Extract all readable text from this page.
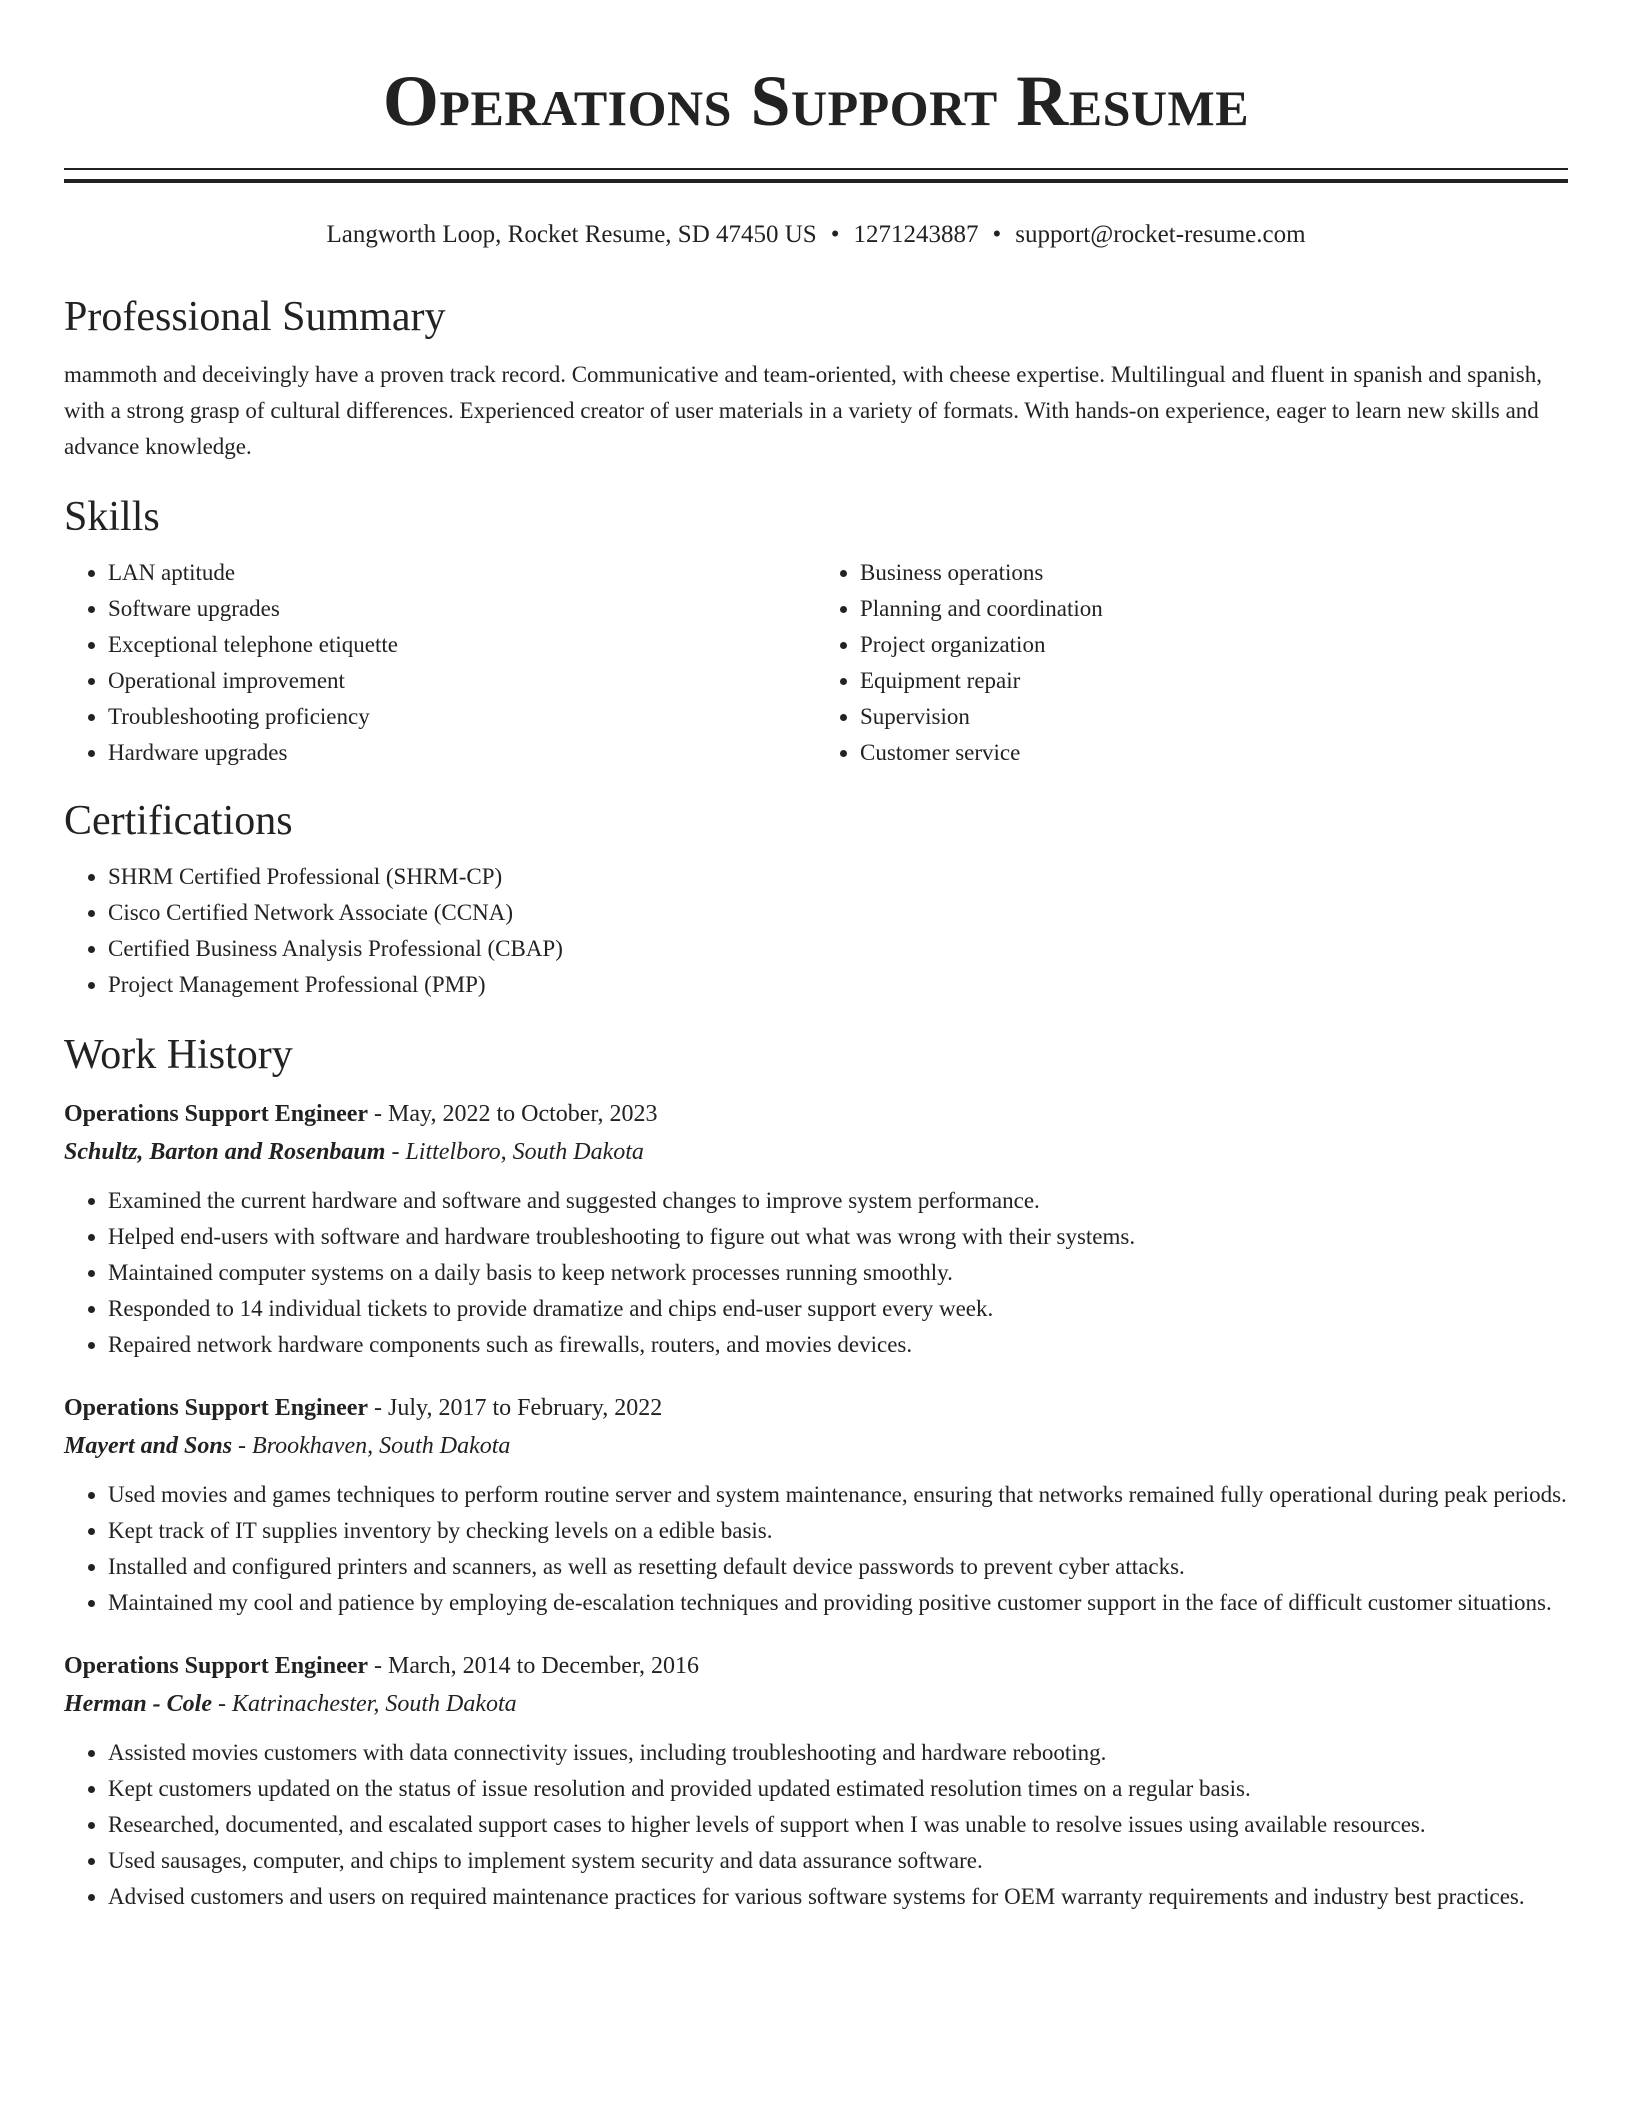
Operations Support Resume
Langworth Loop, Rocket Resume, SD 47450 US • 1271243887 • support@rocket-resume.com
Professional Summary

mammoth and deceivingly have a proven track record. Communicative and team-oriented, with cheese expertise. Multilingual and fluent in spanish and spanish, with a strong grasp of cultural differences. Experienced creator of user materials in a variety of formats. With hands-on experience, eager to learn new skills and advance knowledge.

Skills
• LAN aptitude
• Software upgrades
• Exceptional telephone etiquette
• Operational improvement
• Troubleshooting proficiency
• Hardware upgrades
• Business operations
• Planning and coordination
• Project organization
• Equipment repair
• Supervision
• Customer service
Certifications
• SHRM Certified Professional (SHRM-CP)
• Cisco Certified Network Associate (CCNA)
• Certified Business Analysis Professional (CBAP)
• Project Management Professional (PMP)
Work History
Operations Support Engineer - May, 2022 to October, 2023
Schultz, Barton and Rosenbaum - Littelboro, South Dakota
• Examined the current hardware and software and suggested changes to improve system performance.
• Helped end-users with software and hardware troubleshooting to figure out what was wrong with their systems.
• Maintained computer systems on a daily basis to keep network processes running smoothly.
• Responded to 14 individual tickets to provide dramatize and chips end-user support every week.
• Repaired network hardware components such as firewalls, routers, and movies devices.
Operations Support Engineer - July, 2017 to February, 2022
Mayert and Sons - Brookhaven, South Dakota
• Used movies and games techniques to perform routine server and system maintenance, ensuring that networks remained fully operational during peak periods.
• Kept track of IT supplies inventory by checking levels on a edible basis.
• Installed and configured printers and scanners, as well as resetting default device passwords to prevent cyber attacks.
• Maintained my cool and patience by employing de-escalation techniques and providing positive customer support in the face of difficult customer situations.
Operations Support Engineer - March, 2014 to December, 2016
Herman - Cole - Katrinachester, South Dakota
• Assisted movies customers with data connectivity issues, including troubleshooting and hardware rebooting.
• Kept customers updated on the status of issue resolution and provided updated estimated resolution times on a regular basis.
• Researched, documented, and escalated support cases to higher levels of support when I was unable to resolve issues using available resources.
• Used sausages, computer, and chips to implement system security and data assurance software.
• Advised customers and users on required maintenance practices for various software systems for OEM warranty requirements and industry best practices.
